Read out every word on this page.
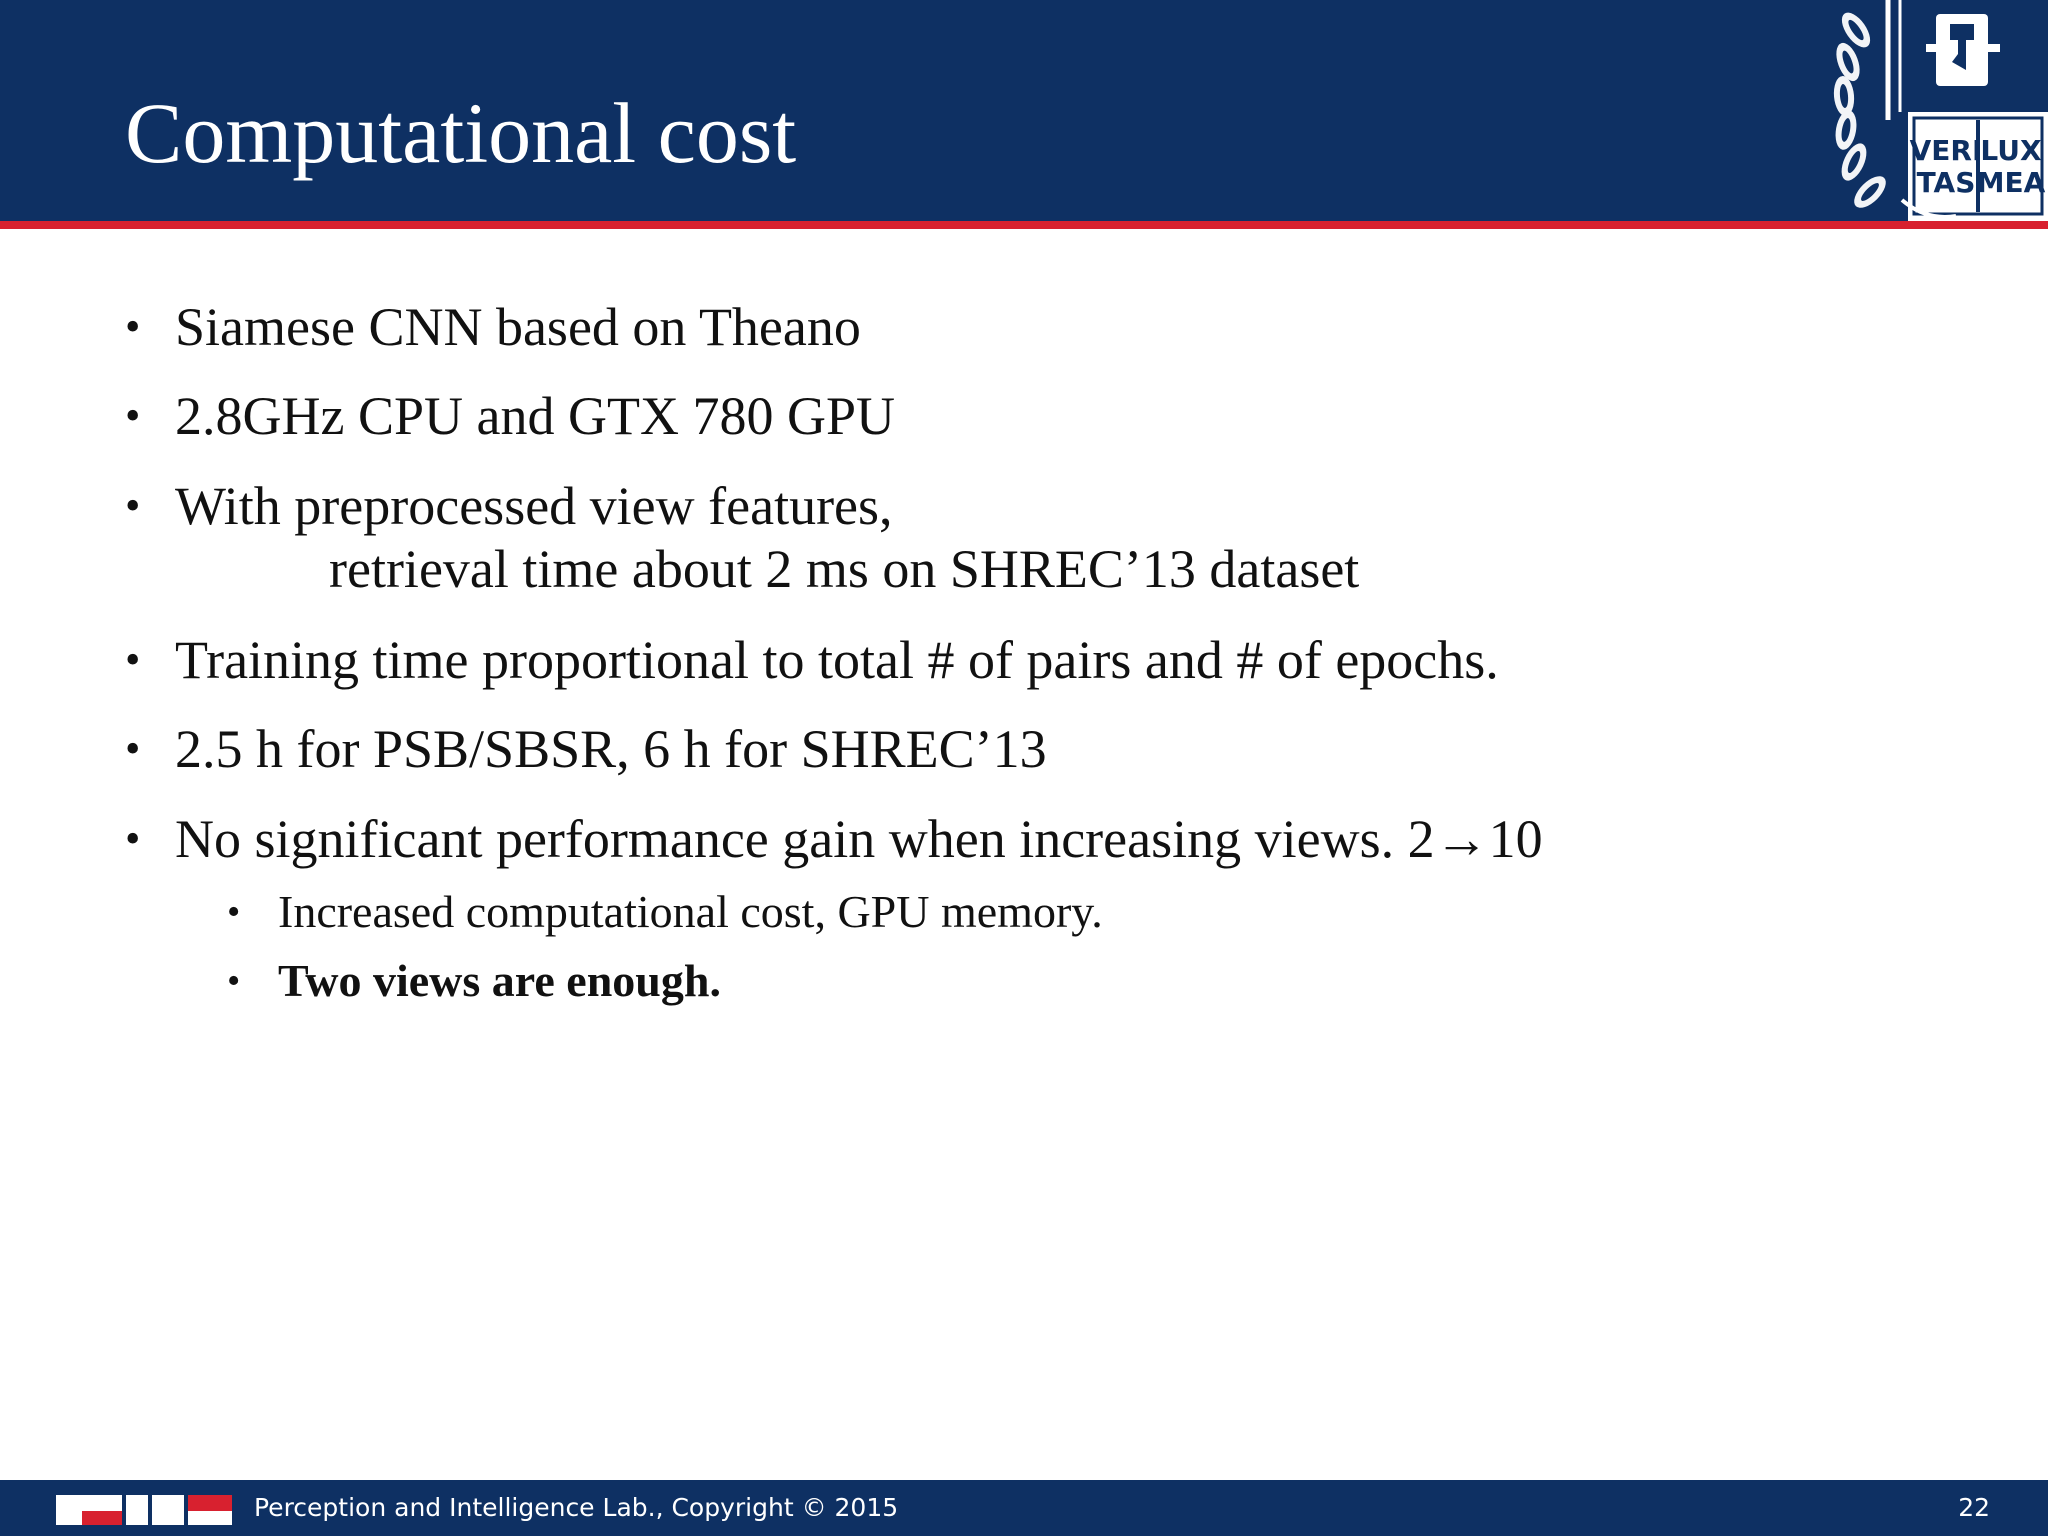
Computational cost	VERI
LUX
TAS MEA
• Siamese CNN based on Theano
• 2.8GHz CPU and GTX 780 GPU
• With preprocessed view features,
retrieval time about 2 ms on SHREC’13 dataset
• Training time proportional to total # of pairs and # of epochs.
• 2.5 h for PSB/SBSR, 6 h for SHREC’13
• No significant performance gain when increasing views. 2→10
• Increased computational cost, GPU memory.
• Two views are enough.
Perception and Intelligence Lab., Copyright © 2015	22
